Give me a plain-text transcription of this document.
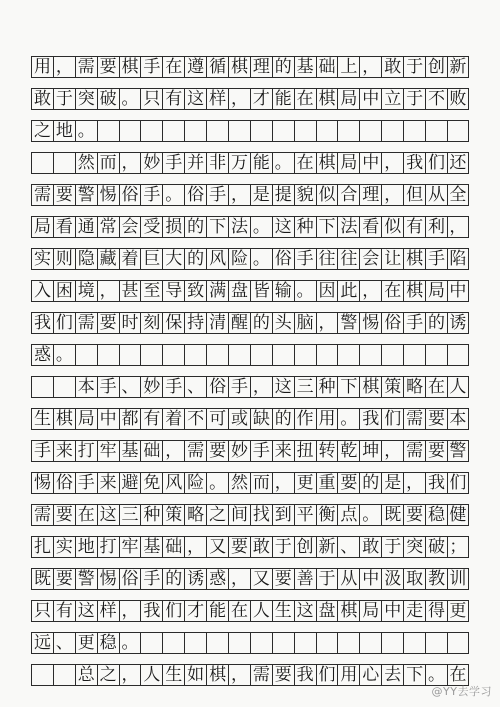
用 ， 需 要 棋 手 在 遵 循 棋 理 的 基 础 上 ， 敢 于 创 新
敢 于 突 破 。 只 有 这 样 ， 才 能 在 棋 局 中 立 于 不 败
之 地 。
然 而 ， 妙 手 并 非 万 能 。 在 棋 局 中 ， 我 们 还
需 要 警 惕 俗 手 。 俗 手 ， 是 提 貌 似 合 理 ， 但 从 全
局 看 通 常 会 受 损 的 下 法 。 这 种 下 法 看 似 有 利 ，
实 则 隐 藏 着 巨 大 的 风 险 。 俗 手 往 往 会 让 棋 手 陷
入 困 境 ， 甚 至 导 致 满 盘 皆 输 。 因 此 ， 在 棋 局 中
我 们 需 要 时 刻 保 持 清 醒 的 头 脑 ， 警 惕 俗 手 的 诱
惑 。
本 手 、 妙 手 、 俗 手 ， 这 三 种 下 棋 策 略 在 人
生 棋 局 中 都 有 着 不 可 或 缺 的 作 用 。 我 们 需 要 本
手 来 打 牢 基 础 ， 需 要 妙 手 来 扭 转 乾 坤 ， 需 要 警
惕 俗 手 来 避 免 风 险 。 然 而 ， 更 重 要 的 是 ， 我 们
需 要 在 这 三 种 策 略 之 间 找 到 平 衡 点 。 既 要 稳 健
扎 实 地 打 牢 基 础 ， 又 要 敢 于 创 新 、 敢 于 突 破 ；
既 要 警 惕 俗 手 的 诱 惑 ， 又 要 善 于 从 中 汲 取 教 训
只 有 这 样 ， 我 们 才 能 在 人 生 这 盘 棋 局 中 走 得 更
远 、 更 稳 。
总 之 ， 人 生 如 棋 ， 需 要 我 们 用 心 去 下 。 在
@YY去学习
